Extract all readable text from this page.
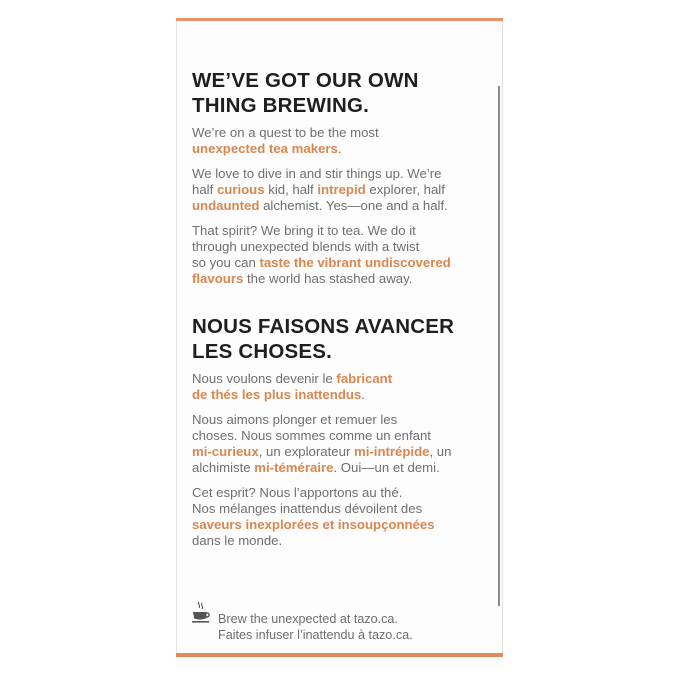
WE’VE GOT OUR OWN
THING BREWING.

We’re on a quest to be the most
unexpected tea makers.

We love to dive in and stir things up. We’re
half curious kid, half intrepid explorer, half
undaunted alchemist. Yes—one and a half.

That spirit? We bring it to tea. We do it
through unexpected blends with a twist
so you can taste the vibrant undiscovered
flavours the world has stashed away.

NOUS FAISONS AVANCER
LES CHOSES.

Nous voulons devenir le fabricant
de thés les plus inattendus.

Nous aimons plonger et remuer les
choses. Nous sommes comme un enfant
mi-curieux, un explorateur mi-intrépide, un
alchimiste mi-téméraire. Oui—un et demi.

Cet esprit? Nous l’apportons au thé.
Nos mélanges inattendus dévoilent des
saveurs inexplorées et insoupçonnées
dans le monde.

Brew the unexpected at tazo.ca.
Faites infuser l’inattendu à tazo.ca.
